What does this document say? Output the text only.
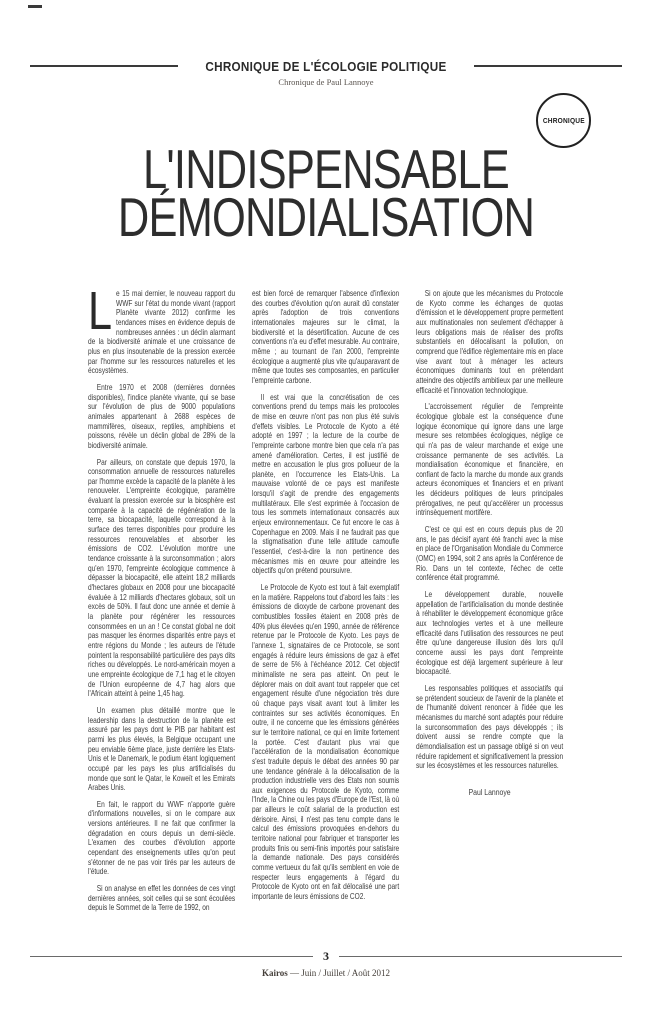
CHRONIQUE DE L'ÉCOLOGIE POLITIQUE
Chronique de Paul Lannoye
CHRONIQUE
L'INDISPENSABLE
DÉMONDIALISATION

Le 15 mai dernier, le nouveau rapport du WWF sur l'état du monde vivant (rapport Planète vivante 2012) confirme les tendances mises en évidence depuis de nombreuses années : un déclin alarmant de la biodiversité animale et une croissance de plus en plus insoutenable de la pression exercée par l'homme sur les ressources naturelles et les écosystèmes.

Entre 1970 et 2008 (dernières données disponibles), l'indice planète vivante, qui se base sur l'évolution de plus de 9000 populations animales appartenant à 2688 espèces de mammifères, oiseaux, reptiles, amphibiens et poissons, révèle un déclin global de 28% de la biodiversité animale.

Par ailleurs, on constate que depuis 1970, la consommation annuelle de ressources naturelles par l'homme excède la capacité de la planète à les renouveler. L'empreinte écologique, paramètre évaluant la pression exercée sur la biosphère est comparée à la capacité de régénération de la terre, sa biocapacité, laquelle correspond à la surface des terres disponibles pour produire les ressources renouvelables et absorber les émissions de CO2. L'évolution montre une tendance croissante à la surconsommation ; alors qu'en 1970, l'empreinte écologique commence à dépasser la biocapacité, elle atteint 18,2 milliards d'hectares globaux en 2008 pour une biocapacité évaluée à 12 milliards d'hectares globaux, soit un excès de 50%. Il faut donc une année et demie à la planète pour régénérer les ressources consommées en un an ! Ce constat global ne doit pas masquer les énormes disparités entre pays et entre régions du Monde ; les auteurs de l'étude pointent la responsabilité particulière des pays dits riches ou développés. Le nord-américain moyen a une empreinte écologique de 7,1 hag et le citoyen de l'Union européenne de 4,7 hag alors que l'Africain atteint à peine 1,45 hag.

Un examen plus détaillé montre que le leadership dans la destruction de la planète est assuré par les pays dont le PIB par habitant est parmi les plus élevés, la Belgique occupant une peu enviable 6ème place, juste derrière les Etats-Unis et le Danemark, le podium étant logiquement occupé par les pays les plus artificialisés du monde que sont le Qatar, le Koweït et les Emirats Arabes Unis.

En fait, le rapport du WWF n'apporte guère d'informations nouvelles, si on le compare aux versions antérieures. Il ne fait que confirmer la dégradation en cours depuis un demi-siècle. L'examen des courbes d'évolution apporte cependant des enseignements utiles qu'on peut s'étonner de ne pas voir tirés par les auteurs de l'étude.

Si on analyse en effet les données de ces vingt dernières années, soit celles qui se sont écoulées depuis le Sommet de la Terre de 1992, on

est bien forcé de remarquer l'absence d'inflexion des courbes d'évolution qu'on aurait dû constater après l'adoption de trois conventions internationales majeures sur le climat, la biodiversité et la désertification. Aucune de ces conventions n'a eu d'effet mesurable. Au contraire, même ; au tournant de l'an 2000, l'empreinte écologique a augmenté plus vite qu'auparavant de même que toutes ses composantes, en particulier l'empreinte carbone.

Il est vrai que la concrétisation de ces conventions prend du temps mais les protocoles de mise en œuvre n'ont pas non plus été suivis d'effets visibles. Le Protocole de Kyoto a été adopté en 1997 ; la lecture de la courbe de l'empreinte carbone montre bien que cela n'a pas amené d'amélioration. Certes, il est justifié de mettre en accusation le plus gros pollueur de la planète, en l'occurrence les Etats-Unis. La mauvaise volonté de ce pays est manifeste lorsqu'il s'agit de prendre des engagements multilatéraux. Elle s'est exprimée à l'occasion de tous les sommets internationaux consacrés aux enjeux environnementaux. Ce fut encore le cas à Copenhague en 2009. Mais il ne faudrait pas que la stigmatisation d'une telle attitude camoufle l'essentiel, c'est-à-dire la non pertinence des mécanismes mis en œuvre pour atteindre les objectifs qu'on prétend poursuivre.

Le Protocole de Kyoto est tout à fait exemplatif en la matière. Rappelons tout d'abord les faits : les émissions de dioxyde de carbone provenant des combustibles fossiles étaient en 2008 près de 40% plus élevées qu'en 1990, année de référence retenue par le Protocole de Kyoto. Les pays de l'annexe 1, signataires de ce Protocole, se sont engagés à réduire leurs émissions de gaz à effet de serre de 5% à l'échéance 2012. Cet objectif minimaliste ne sera pas atteint. On peut le déplorer mais on doit avant tout rappeler que cet engagement résulte d'une négociation très dure où chaque pays visait avant tout à limiter les contraintes sur ses activités économiques. En outre, il ne concerne que les émissions générées sur le territoire national, ce qui en limite fortement la portée. C'est d'autant plus vrai que l'accélération de la mondialisation économique s'est traduite depuis le débat des années 90 par une tendance générale à la délocalisation de la production industrielle vers des Etats non soumis aux exigences du Protocole de Kyoto, comme l'Inde, la Chine ou les pays d'Europe de l'Est, là où par ailleurs le coût salarial de la production est dérisoire. Ainsi, il n'est pas tenu compte dans le calcul des émissions provoquées en-dehors du territoire national pour fabriquer et transporter les produits finis ou semi-finis importés pour satisfaire la demande nationale. Des pays considérés comme vertueux du fait qu'ils semblent en voie de respecter leurs engagements à l'égard du Protocole de Kyoto ont en fait délocalisé une part importante de leurs émissions de CO2.

Si on ajoute que les mécanismes du Protocole de Kyoto comme les échanges de quotas d'émission et le développement propre permettent aux multinationales non seulement d'échapper à leurs obligations mais de réaliser des profits substantiels en délocalisant la pollution, on comprend que l'édifice règlementaire mis en place vise avant tout à ménager les acteurs économiques dominants tout en prétendant atteindre des objectifs ambitieux par une meilleure efficacité et l'innovation technologique.

L'accroissement régulier de l'empreinte écologique globale est la conséquence d'une logique économique qui ignore dans une large mesure ses retombées écologiques, néglige ce qui n'a pas de valeur marchande et exige une croissance permanente de ses activités. La mondialisation économique et financière, en confiant de facto la marche du monde aux grands acteurs économiques et financiers et en privant les décideurs politiques de leurs principales prérogatives, ne peut qu'accélérer un processus intrinsèquement mortifère.

C'est ce qui est en cours depuis plus de 20 ans, le pas décisif ayant été franchi avec la mise en place de l'Organisation Mondiale du Commerce (OMC) en 1994, soit 2 ans après la Conférence de Rio. Dans un tel contexte, l'échec de cette conférence était programmé.

Le développement durable, nouvelle appellation de l'artificialisation du monde destinée à réhabiliter le développement économique grâce aux technologies vertes et à une meilleure efficacité dans l'utilisation des ressources ne peut être qu'une dangereuse illusion dès lors qu'il concerne aussi les pays dont l'empreinte écologique est déjà largement supérieure à leur biocapacité.

Les responsables politiques et associatifs qui se prétendent soucieux de l'avenir de la planète et de l'humanité doivent renoncer à l'idée que les mécanismes du marché sont adaptés pour réduire la surconsommation des pays développés ; ils doivent aussi se rendre compte que la démondialisation est un passage obligé si on veut réduire rapidement et significativement la pression sur les écosystèmes et les ressources naturelles.

Paul Lannoye
3
Kairos — Juin / Juillet / Août 2012
